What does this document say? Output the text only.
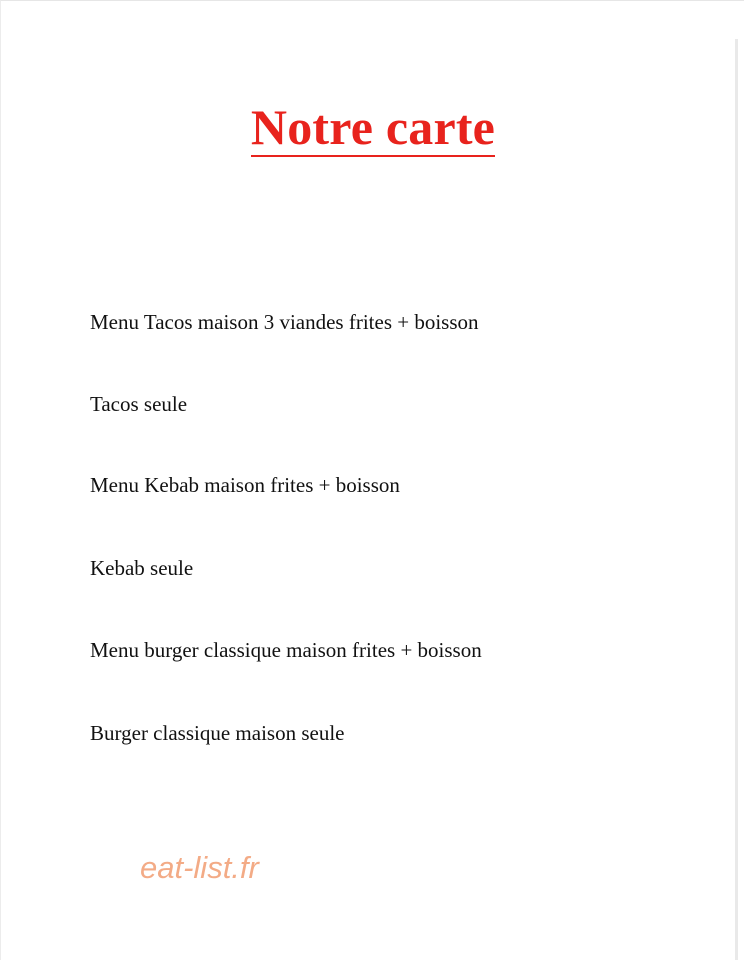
Notre carte
Menu Tacos maison 3 viandes frites + boisson
Tacos seule
Menu Kebab maison frites + boisson
Kebab seule
Menu burger classique maison frites + boisson
Burger classique maison seule
eat-list.fr
